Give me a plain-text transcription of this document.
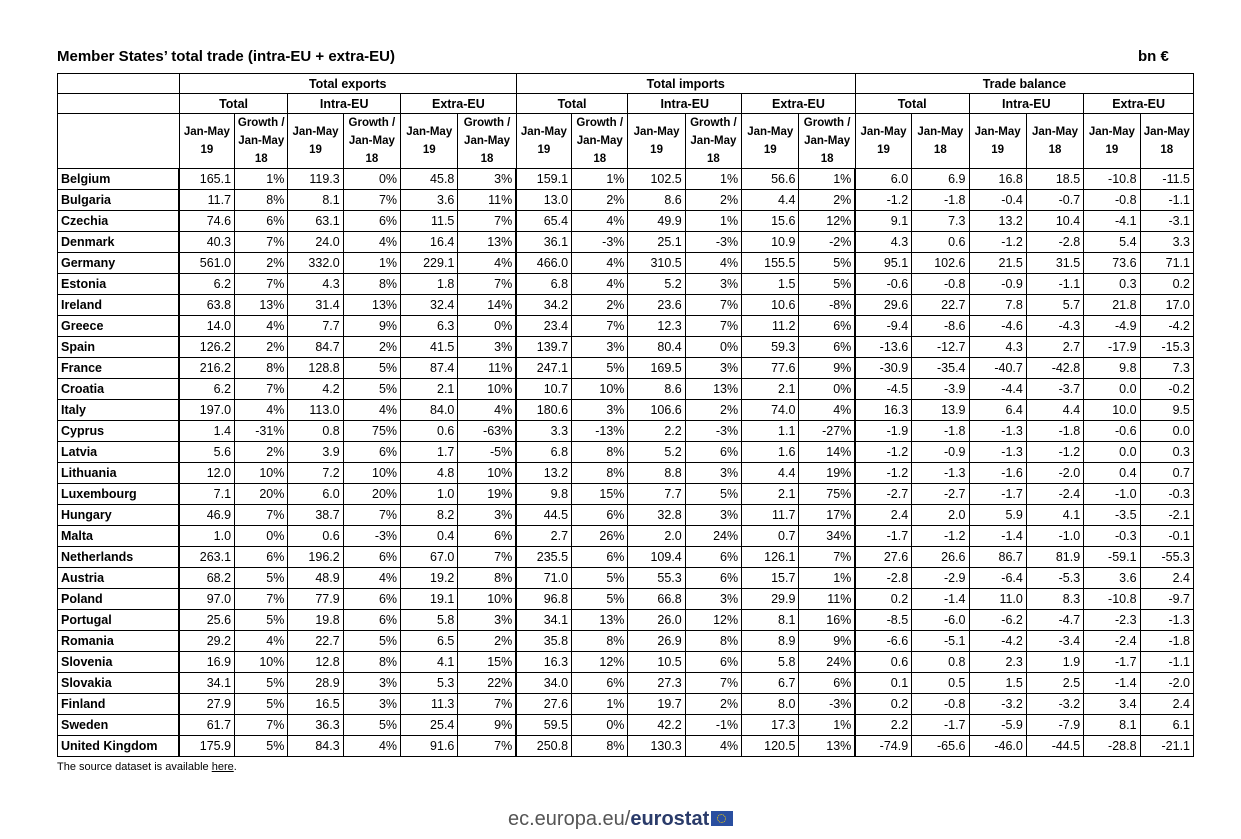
Member States’ total trade (intra-EU + extra-EU)	bn €
	Total exports						Total imports						Trade balance					
	Total		Intra-EU		Extra-EU		Total		Intra-EU		Extra-EU		Total		Intra-EU		Extra-EU	
	Jan-May 19	Growth / Jan-May 18	Jan-May 19	Growth / Jan-May 18	Jan-May 19	Growth / Jan-May 18	Jan-May 19	Growth / Jan-May 18	Jan-May 19	Growth / Jan-May 18	Jan-May 19	Growth / Jan-May 18	Jan-May 19	Jan-May 18	Jan-May 19	Jan-May 18	Jan-May 19	Jan-May 18
Belgium	165.1	1%	119.3	0%	45.8	3%	159.1	1%	102.5	1%	56.6	1%	6.0	6.9	16.8	18.5	-10.8	-11.5
Bulgaria	11.7	8%	8.1	7%	3.6	11%	13.0	2%	8.6	2%	4.4	2%	-1.2	-1.8	-0.4	-0.7	-0.8	-1.1
Czechia	74.6	6%	63.1	6%	11.5	7%	65.4	4%	49.9	1%	15.6	12%	9.1	7.3	13.2	10.4	-4.1	-3.1
Denmark	40.3	7%	24.0	4%	16.4	13%	36.1	-3%	25.1	-3%	10.9	-2%	4.3	0.6	-1.2	-2.8	5.4	3.3
Germany	561.0	2%	332.0	1%	229.1	4%	466.0	4%	310.5	4%	155.5	5%	95.1	102.6	21.5	31.5	73.6	71.1
Estonia	6.2	7%	4.3	8%	1.8	7%	6.8	4%	5.2	3%	1.5	5%	-0.6	-0.8	-0.9	-1.1	0.3	0.2
Ireland	63.8	13%	31.4	13%	32.4	14%	34.2	2%	23.6	7%	10.6	-8%	29.6	22.7	7.8	5.7	21.8	17.0
Greece	14.0	4%	7.7	9%	6.3	0%	23.4	7%	12.3	7%	11.2	6%	-9.4	-8.6	-4.6	-4.3	-4.9	-4.2
Spain	126.2	2%	84.7	2%	41.5	3%	139.7	3%	80.4	0%	59.3	6%	-13.6	-12.7	4.3	2.7	-17.9	-15.3
France	216.2	8%	128.8	5%	87.4	11%	247.1	5%	169.5	3%	77.6	9%	-30.9	-35.4	-40.7	-42.8	9.8	7.3
Croatia	6.2	7%	4.2	5%	2.1	10%	10.7	10%	8.6	13%	2.1	0%	-4.5	-3.9	-4.4	-3.7	0.0	-0.2
Italy	197.0	4%	113.0	4%	84.0	4%	180.6	3%	106.6	2%	74.0	4%	16.3	13.9	6.4	4.4	10.0	9.5
Cyprus	1.4	-31%	0.8	75%	0.6	-63%	3.3	-13%	2.2	-3%	1.1	-27%	-1.9	-1.8	-1.3	-1.8	-0.6	0.0
Latvia	5.6	2%	3.9	6%	1.7	-5%	6.8	8%	5.2	6%	1.6	14%	-1.2	-0.9	-1.3	-1.2	0.0	0.3
Lithuania	12.0	10%	7.2	10%	4.8	10%	13.2	8%	8.8	3%	4.4	19%	-1.2	-1.3	-1.6	-2.0	0.4	0.7
Luxembourg	7.1	20%	6.0	20%	1.0	19%	9.8	15%	7.7	5%	2.1	75%	-2.7	-2.7	-1.7	-2.4	-1.0	-0.3
Hungary	46.9	7%	38.7	7%	8.2	3%	44.5	6%	32.8	3%	11.7	17%	2.4	2.0	5.9	4.1	-3.5	-2.1
Malta	1.0	0%	0.6	-3%	0.4	6%	2.7	26%	2.0	24%	0.7	34%	-1.7	-1.2	-1.4	-1.0	-0.3	-0.1
Netherlands	263.1	6%	196.2	6%	67.0	7%	235.5	6%	109.4	6%	126.1	7%	27.6	26.6	86.7	81.9	-59.1	-55.3
Austria	68.2	5%	48.9	4%	19.2	8%	71.0	5%	55.3	6%	15.7	1%	-2.8	-2.9	-6.4	-5.3	3.6	2.4
Poland	97.0	7%	77.9	6%	19.1	10%	96.8	5%	66.8	3%	29.9	11%	0.2	-1.4	11.0	8.3	-10.8	-9.7
Portugal	25.6	5%	19.8	6%	5.8	3%	34.1	13%	26.0	12%	8.1	16%	-8.5	-6.0	-6.2	-4.7	-2.3	-1.3
Romania	29.2	4%	22.7	5%	6.5	2%	35.8	8%	26.9	8%	8.9	9%	-6.6	-5.1	-4.2	-3.4	-2.4	-1.8
Slovenia	16.9	10%	12.8	8%	4.1	15%	16.3	12%	10.5	6%	5.8	24%	0.6	0.8	2.3	1.9	-1.7	-1.1
Slovakia	34.1	5%	28.9	3%	5.3	22%	34.0	6%	27.3	7%	6.7	6%	0.1	0.5	1.5	2.5	-1.4	-2.0
Finland	27.9	5%	16.5	3%	11.3	7%	27.6	1%	19.7	2%	8.0	-3%	0.2	-0.8	-3.2	-3.2	3.4	2.4
Sweden	61.7	7%	36.3	5%	25.4	9%	59.5	0%	42.2	-1%	17.3	1%	2.2	-1.7	-5.9	-7.9	8.1	6.1
United Kingdom	175.9	5%	84.3	4%	91.6	7%	250.8	8%	130.3	4%	120.5	13%	-74.9	-65.6	-46.0	-44.5	-28.8	-21.1
The source dataset is available here.
ec.europa.eu/eurostat
